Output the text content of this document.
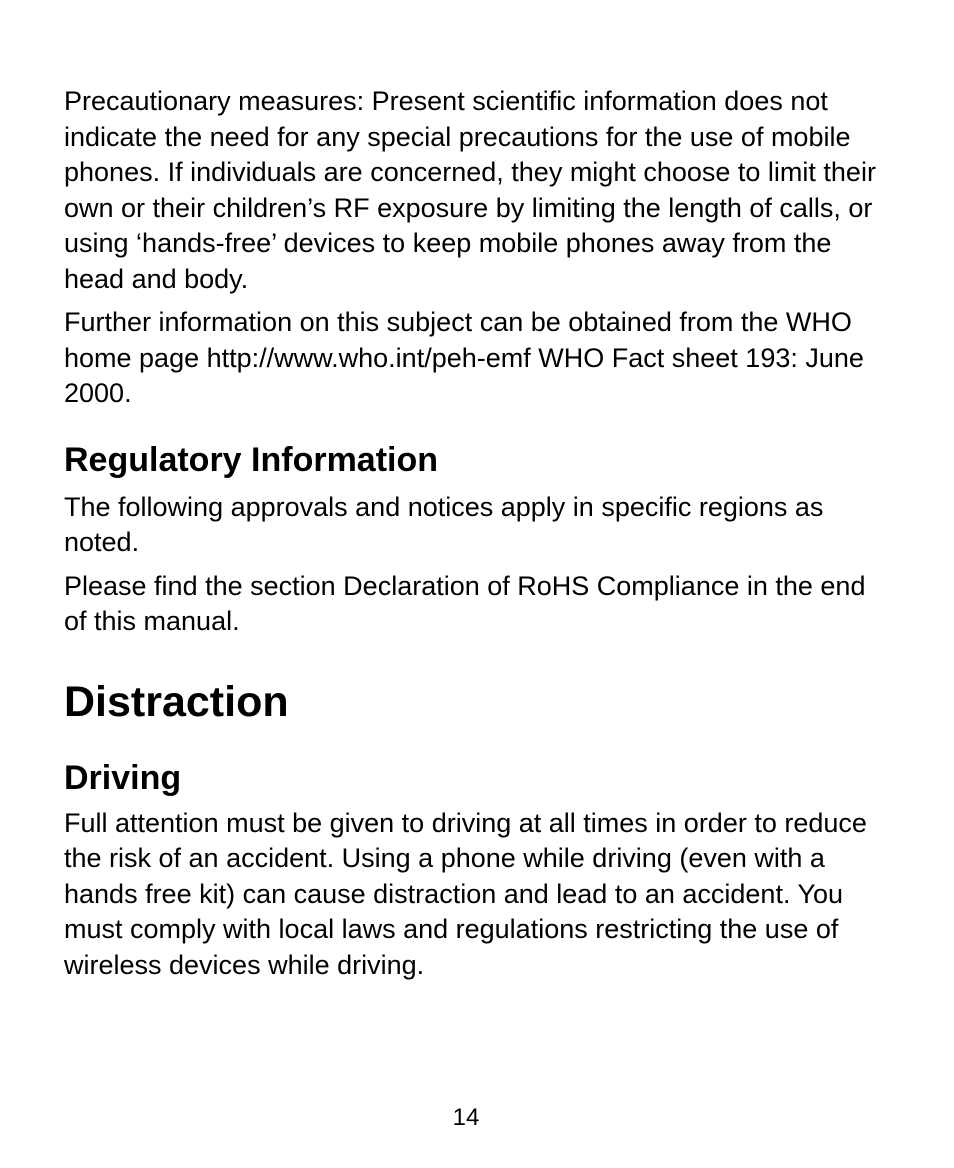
Precautionary measures: Present scientific information does not indicate the need for any special precautions for the use of mobile phones. If individuals are concerned, they might choose to limit their own or their children’s RF exposure by limiting the length of calls, or using ‘hands-free’ devices to keep mobile phones away from the head and body.

Further information on this subject can be obtained from the WHO home page http://www.who.int/peh-emf WHO Fact sheet 193: June 2000.

Regulatory Information

The following approvals and notices apply in specific regions as noted.

Please find the section Declaration of RoHS Compliance in the end of this manual.

Distraction
Driving

Full attention must be given to driving at all times in order to reduce the risk of an accident. Using a phone while driving (even with a hands free kit) can cause distraction and lead to an accident. You must comply with local laws and regulations restricting the use of wireless devices while driving.

14
